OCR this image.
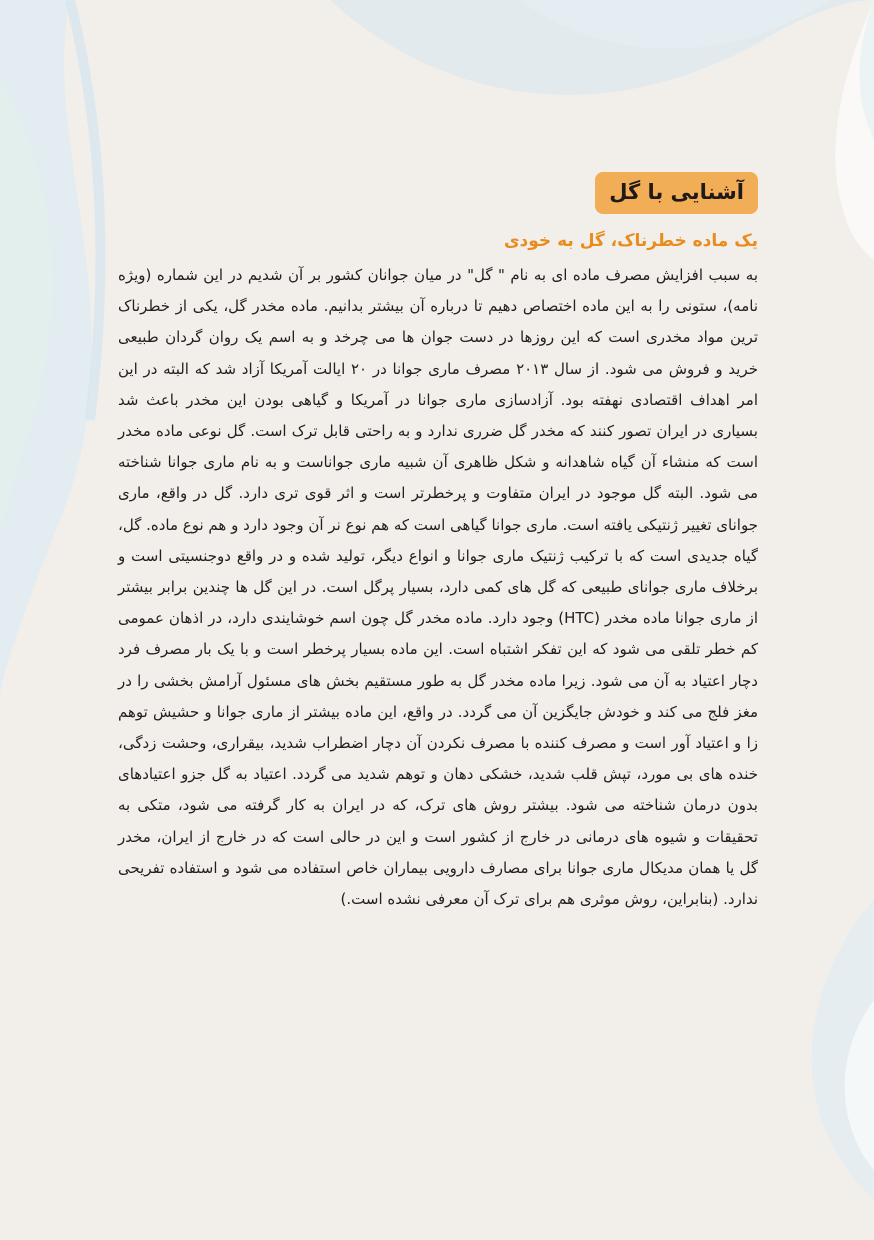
آشنایی با گل
یک ماده خطرناک، گل به خودی

به سبب افزایش مصرف ماده ای به نام " گل" در میان جوانان کشور بر آن شدیم در این شماره (ویژه نامه)، ستونی را به این ماده اختصاص دهیم تا درباره آن بیشتر بدانیم. ماده مخدر گل، یکی از خطرناک ترین مواد مخدری است که این روزها در دست جوان ها می چرخد و به اسم یک روان گردان طبیعی خرید و فروش می شود. از سال ۲۰۱۳ مصرف ماری جوانا در ۲۰ ایالت آمریکا آزاد شد که البته در این امر اهداف اقتصادی نهفته بود. آزادسازی ماری جوانا در آمریکا و گیاهی بودن این مخدر باعث شد بسیاری در ایران تصور کنند که مخدر گل ضرری ندارد و به راحتی قابل ترک است. گل نوعی ماده مخدر است که منشاء آن گیاه شاهدانه و شکل ظاهری آن شبیه ماری جواناست و به نام ماری جوانا شناخته می شود. البته گل موجود در ایران متفاوت و پرخطرتر است و اثر قوی تری دارد. گل در واقع، ماری جوانای تغییر ژنتیکی یافته است. ماری جوانا گیاهی است که هم نوع نر آن وجود دارد و هم نوع ماده. گل، گیاه جدیدی است که با ترکیب ژنتیک ماری جوانا و انواع دیگر، تولید شده و در واقع دوجنسیتی است و برخلاف ماری جوانای طبیعی که گل های کمی دارد، بسیار پرگل است. در این گل ها چندین برابر بیشتر از ماری جوانا ماده مخدر (HTC) وجود دارد. ماده مخدر گل چون اسم خوشایندی دارد، در اذهان عمومی کم خطر تلقی می شود که این تفکر اشتباه است. این ماده بسیار پرخطر است و با یک بار مصرف فرد دچار اعتیاد به آن می شود. زیرا ماده مخدر گل به طور مستقیم بخش های مسئول آرامش بخشی را در مغز فلج می کند و خودش جایگزین آن می گردد. در واقع، این ماده بیشتر از ماری جوانا و حشیش توهم زا و اعتیاد آور است و مصرف کننده با مصرف نکردن آن دچار اضطراب شدید، بیقراری، وحشت زدگی، خنده های بی مورد، تپش قلب شدید، خشکی دهان و توهم شدید می گردد. اعتیاد به گل جزو اعتیادهای بدون درمان شناخته می شود. بیشتر روش های ترک، که در ایران به کار گرفته می شود، متکی به تحقیقات و شیوه های درمانی در خارج از کشور است و این در حالی است که در خارج از ایران، مخدر گل یا همان مدیکال ماری جوانا برای مصارف دارویی بیماران خاص استفاده می شود و استفاده تفریحی ندارد. (بنابراین، روش موثری هم برای ترک آن معرفی نشده است.)
